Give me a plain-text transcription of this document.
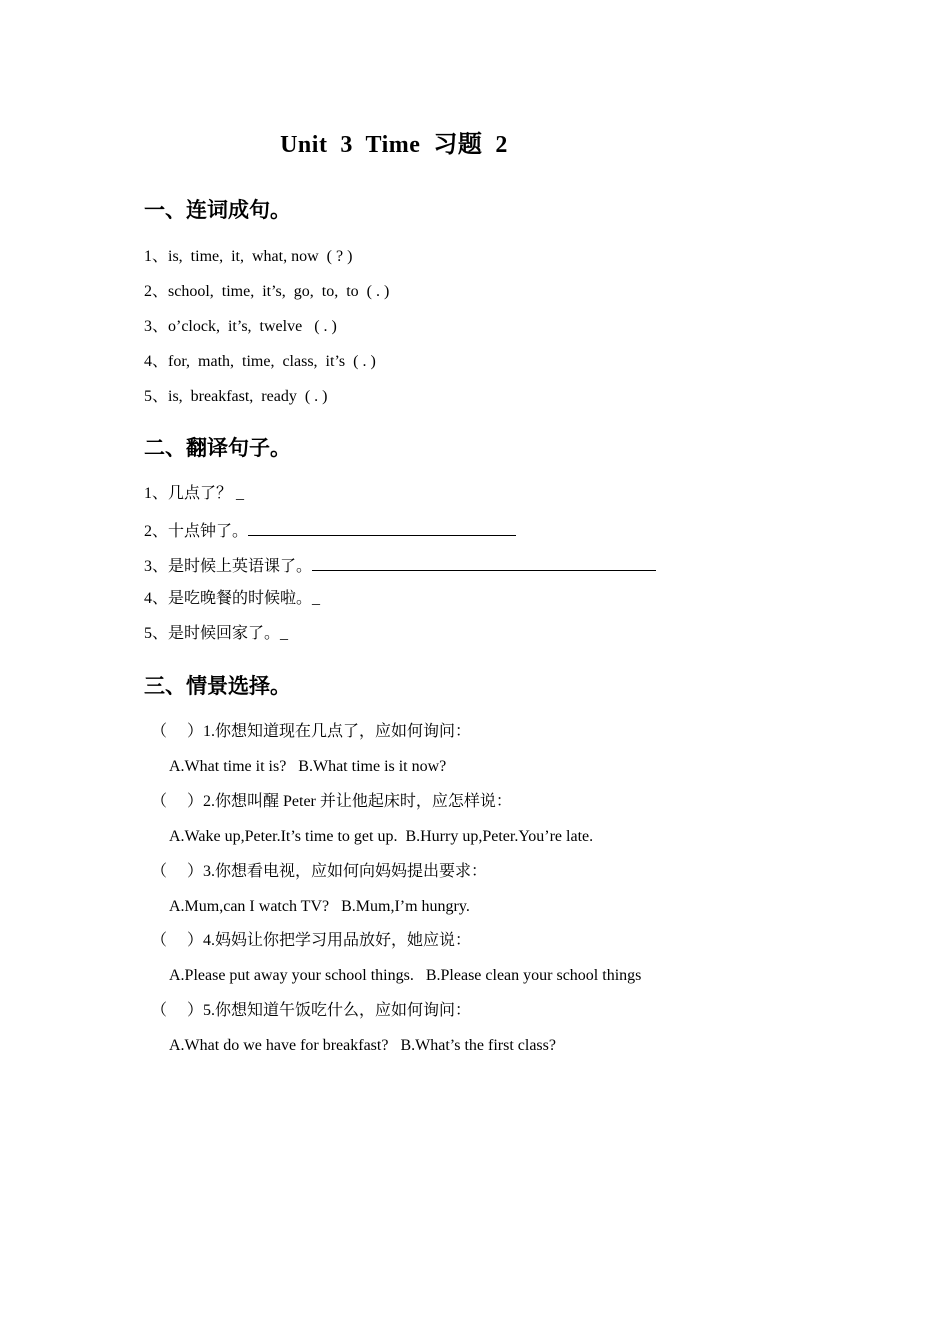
Unit  3  Time  习题  2
一、连词成句。
1、is,  time,  it,  what, now  ( ? )
2、school,  time,  it’s,  go,  to,  to  ( . )
3、o’clock,  it’s,  twelve   ( . )
4、for,  math,  time,  class,  it’s  ( . )
5、is,  breakfast,  ready  ( . )
二、翻译句子。
1、几点了？ _
2、十点钟了。
3、是时候上英语课了。
4、是吃晚餐的时候啦。_
5、是时候回家了。_
三、情景选择。
（     ）1.你想知道现在几点了，应如何询问：
A.What time it is?   B.What time is it now?
（     ）2.你想叫醒 Peter 并让他起床时，应怎样说：
A.Wake up,Peter.It’s time to get up.  B.Hurry up,Peter.You’re late.
（     ）3.你想看电视，应如何向妈妈提出要求：
A.Mum,can I watch TV?   B.Mum,I’m hungry.
（     ）4.妈妈让你把学习用品放好，她应说：
A.Please put away your school things.   B.Please clean your school things
（     ）5.你想知道午饭吃什么，应如何询问：
A.What do we have for breakfast?   B.What’s the first class?
